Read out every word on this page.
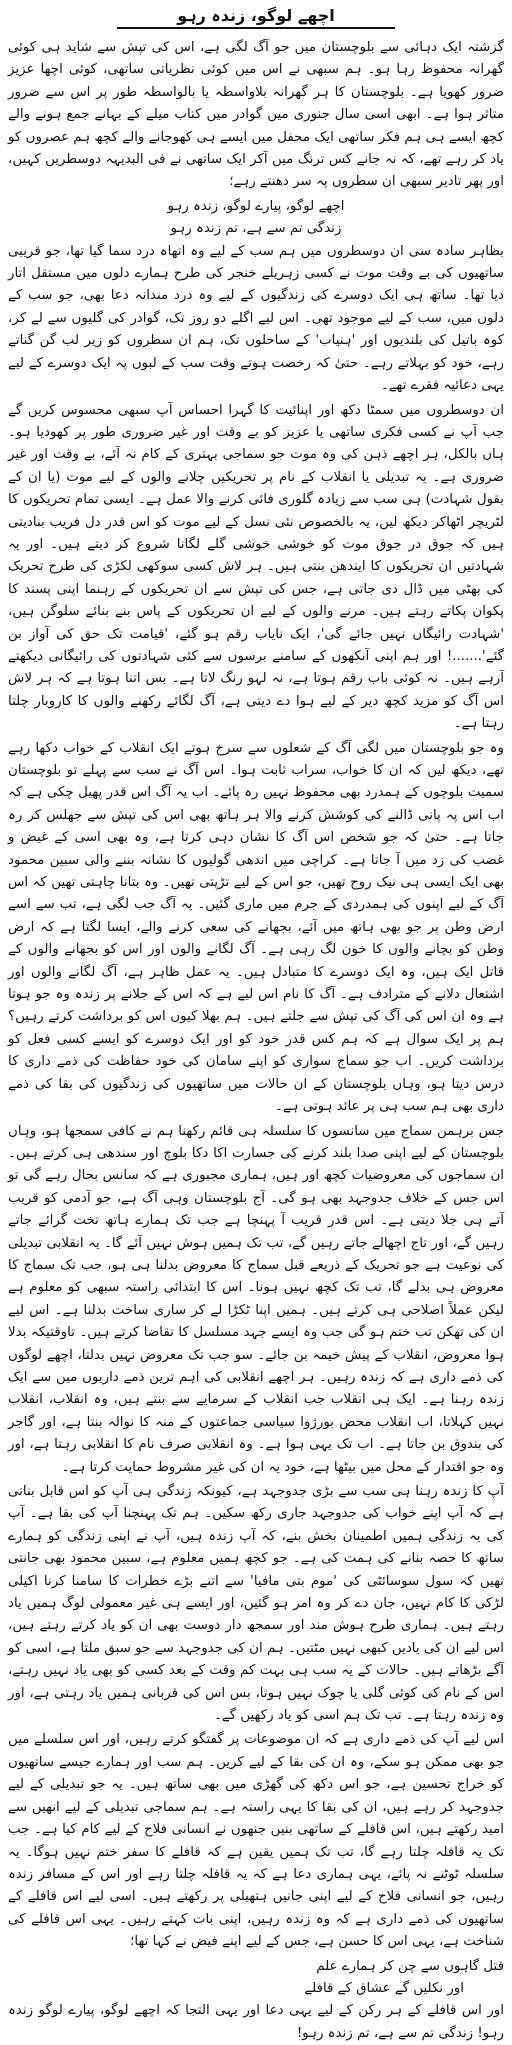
اچھے لوگو، زندہ رہو

گزشتہ ایک دہائی سے بلوچستان میں جو آگ لگی ہے، اس کی تپش سے شاید ہی کوئی گھرانہ محفوظ رہا ہو۔ ہم سبھی نے اس میں کوئی نظریاتی ساتھی، کوئی اچھا عزیز ضرور کھویا ہے۔ بلوچستان کا ہر گھرانہ بلاواسطہ یا بالواسطہ طور پر اس سے ضرور متاثر ہوا ہے۔ ابھی اسی سال جنوری میں گوادر میں کتاب میلے کے بہانے جمع ہونے والے کچھ ایسے ہی ہم فکر ساتھی ایک محفل میں ایسے ہی کھوجانے والے کچھ ہم عصروں کو یاد کر رہے تھے، کہ نہ جانے کس ترنگ میں آکر ایک ساتھی نے فی البدیہہ دوسطریں کہیں، اور پھر تادیر سبھی ان سطروں پہ سر دھنتے رہے؛

اچھے لوگو، پیارے لوگو، زندہ رہو

زندگی تم سے ہے، تم زندہ رہو

بظاہر سادہ سی ان دوسطروں میں ہم سب کے لیے وہ اتھاہ درد سما گیا تھا، جو قریبی ساتھیوں کی بے وقت موت نے کسی زہریلے خنجر کی طرح ہمارے دلوں میں مستقل اتار دیا تھا۔ ساتھ ہی ایک دوسرے کی زندگیوں کے لیے وہ درد مندانہ دعا بھی، جو سب کے دلوں میں، سب کے لیے موجود تھی۔ اس لیے اگلے دو روز تک، گوادر کی گلیوں سے لے کر، کوہ باتیل کی بلندیوں اور 'ہنیاب' کے ساحلوں تک، ہم ان سطروں کو زیر لب گن گناتے رہے، خود کو بہلاتے رہے۔ حتیٰ کہ رخصت ہوتے وقت سب کے لبوں پہ ایک دوسرے کے لیے یہی دعائیہ فقرے تھے۔

ان دوسطروں میں سمٹا دکھ اور اپنائیت کا گہرا احساس آپ سبھی محسوس کریں گے جب آپ نے کسی فکری ساتھی یا عزیز کو بے وقت اور غیر ضروری طور پر کھودیا ہو۔ ہاں بالکل، ہر اچھے ذہن کی وہ موت جو سماجی بہتری کے کام نہ آئے، بے وقت اور غیر ضروری ہے۔ یہ تبدیلی یا انقلاب کے نام پر تحریکیں چلانے والوں کے لیے موت (یا ان کے بقول شہادت) ہی سب سے زیادہ گلوری فائی کرنے والا عمل ہے۔ ایسی تمام تحریکوں کا لٹریچر اٹھاکر دیکھ لیں، یہ بالخصوص نئی نسل کے لیے موت کو اس قدر دل فریب بنادیتی ہیں کہ جوق در جوق موت کو خوشی خوشی گلے لگانا شروع کر دیتے ہیں۔ اور یہ شہادتیں ان تحریکوں کا ایندھن بنتی ہیں۔ ہر لاش کسی سوکھی لکڑی کی طرح تحریک کی بھٹی میں ڈال دی جاتی ہے، جس کی تپش سے ان تحریکوں کے رہنما اپنی پسند کا پکوان پکاتے رہتے ہیں۔ مرنے والوں کے لیے ان تحریکوں کے پاس بنے بنائے سلوگن ہیں، 'شہادت رائیگاں نہیں جائے گی'، ایک نایاب رقم ہو گئے، 'قیامت تک حق کی آواز بن گئے'.......! اور ہم اپنی آنکھوں کے سامنے برسوں سے کئی شہادتوں کی رائیگانی دیکھتے آرہے ہیں۔ نہ کوئی باب رقم ہوتا ہے، نہ لہو رنگ لاتا ہے۔ بس اتنا ہوتا ہے کہ ہر لاش اس آگ کو مزید کچھ دیر کے لیے ہوا دے دیتی ہے، آگ لگائے رکھنے والوں کا کاروبار چلتا رہتا ہے۔

وہ جو بلوچستان میں لگی آگ کے شعلوں سے سرخ ہوتے ایک انقلاب کے خواب دکھا رہے تھے، دیکھ لیں کہ ان کا خواب، سراب ثابت ہوا۔ اس آگ نے سب سے پہلے تو بلوچستان سمیت بلوچوں کے ہمدرد بھی محفوظ نہیں رہ پائے۔ اب یہ آگ اس قدر پھیل چکی ہے کہ اب اس پہ پانی ڈالنے کی کوشش کرنے والا ہر ہاتھ بھی اس کی تپش سے جھلس کر رہ جاتا ہے۔ حتیٰ کہ جو شخص اس آگ کا نشان دہی کرتا ہے، وہ بھی اسی کے غیض و غضب کی زد میں آ جاتا ہے۔ کراچی میں اندھی گولیوں کا نشانہ بننے والی سبین محمود بھی ایک ایسی ہی نیک روح تھیں، جو اس کے لیے تڑپتی تھیں۔ وہ بتانا چاہتی تھیں کہ اس آگ کے لیے اپنوں کی ہمدردی کے جرم میں ماری گئیں۔ یہ آگ جب لگی ہے، تب سے اسے ارض وطن پر جو بھی ہاتھ میں آئے، بجھانے کی سعی کرنے والے، ایسا لگتا ہے کہ ارض وطن کو بچانے والوں کا خون لگ رہی ہے۔ آگ لگانے والوں اور اس کو بجھانے والوں کے قاتل ایک ہیں، وہ ایک دوسرے کا متبادل ہیں۔ یہ عمل ظاہر ہے، آگ لگانے والوں اور اشتعال دلانے کے مترادف ہے۔ آگ کا نام اس لیے ہے کہ اس کے جلانے پر زندہ وہ جو ہوتا ہے وہ ان اس کی آگ کی تپش سے جلتے ہیں۔ ہم بھلا کیوں اس کو برداشت کرتے رہیں؟ ہم پر ایک سوال ہے کہ ہم کس قدر خود کو اور ایک دوسرے کو ایسے کسی فعل کو برداشت کریں۔ اب جو سماج سواری کو اپنے سامان کی خود حفاظت کی ذمے داری کا درس دیتا ہو، وہاں بلوچستان کے ان حالات میں ساتھیوں کی زندگیوں کی بقا کی ذمے داری بھی ہم سب ہی پر عائد ہوتی ہے۔

جس برہمن سماج میں سانسوں کا سلسلہ ہی قائم رکھنا ہم نے کافی سمجھا ہو، وہاں بلوچستان کے لیے اپنی صدا بلند کرنے کی جسارت اکا دکا بلوچ اور سندھی ہی کرتے ہیں۔ ان سماجوں کی معروضیات کچھ اور ہیں، ہماری مجبوری ہے کہ سانس بحال رہے گی تو اس جس کے خلاف جدوجہد بھی ہو گی۔ آج بلوچستان وہی آگ ہے، جو آدمی کو قریب آتے ہی جلا دیتی ہے۔ اس قدر قریب آ پہنچا ہے جب تک ہمارے ہاتھ تخت گرائے جاتے رہیں گے، اور تاج اچھالے جاتے رہیں گے، تب تک ہمیں ہوش نہیں آئے گا۔ یہ انقلابی تبدیلی کی نوعیت ہے جو تحریک کے ذریعے قبل سماج کا معروض بدلنا ہی ہو، جب تک سماج کا معروض ہی بدلے گا، تب تک کچھ نہیں ہونا۔ اس کا ابتدائی راستہ سبھی کو معلوم ہے لیکن عملاً اصلاحی ہی کرتے ہیں۔ ہمیں اپنا ٹکڑا لے کر ساری ساخت بدلنا ہے۔ اس لیے ان کی تھکن تب ختم ہو گی جب وہ ایسے جہد مسلسل کا تقاضا کرتے ہیں۔ تاوقتیکہ بدلا ہوا معروض، انقلاب کے پیش خیمہ بن جائے۔ سو جب تک معروض نہیں بدلتا، اچھے لوگوں کی ذمے داری ہے کہ زندہ رہیں۔ ہر اچھے انقلابی کی اہم ترین ذمے داریوں میں سے ایک زندہ رہنا ہے۔ ایک ہی انقلاب جب انقلاب کے سرمایے سے بنتے ہیں، وہ انقلاب، انقلاب نہیں کہلاتا، اب انقلاب محض بورژوا سیاسی جماعتوں کے منہ کا نوالہ بنتا ہے، اور گاجر کی بندوق بن جاتا ہے۔ اب تک یہی ہوا ہے۔ وہ انقلابی صرف نام کا انقلابی رہتا ہے، اور وہ جو اقتدار کے محل میں بیٹھا ہے، خود یہ ان کی غیر مشروط حمایت کرتا ہے۔

آپ کا زندہ رہنا ہی سب سے بڑی جدوجہد ہے، کیونکہ زندگی ہی آپ کو اس قابل بناتی ہے کہ آپ اپنے خواب کی جدوجہد جاری رکھ سکیں۔ ہم تک پہنچنا آپ کی بقا ہے۔ آپ کی یہ زندگی ہمیں اطمینان بخش بنے، کہ آپ زندہ ہیں، آپ نے اپنی زندگی کو ہمارے ساتھ کا حصہ بنانے کی ہمت کی ہے۔ جو کچھ ہمیں معلوم ہے، سبین محمود بھی جانتی تھیں کہ سول سوسائٹی کی 'موم بتی مافیا' سے اتنے بڑے خطرات کا سامنا کرنا اکیلی لڑکی کا کام نہیں، جان دے کر وہ امر ہو گئیں، اور ایسے ہی غیر معمولی لوگ ہمیں یاد رہتے ہیں۔ ہماری طرح ہوش مند اور سمجھ دار دوست بھی ان کو یاد کرتے رہتے ہیں، اس لیے ان کی یادیں کبھی نہیں مٹتیں۔ ہم ان کی جدوجہد سے جو سبق ملتا ہے، اسی کو آگے بڑھاتے ہیں۔ حالات کے یہ سب ہی بہت کم وقت کے بعد کسی کو بھی یاد نہیں رہتے، اس کے نام کی کوئی گلی یا چوک نہیں ہوتا، بس اس کی قربانی ہمیں یاد رہتی ہے، اور وہ زندہ رہتا ہے۔ تب تک ہم اسی کو یاد رکھیں گے۔

اس لیے آپ کی ذمے داری ہے کہ ان موضوعات پر گفتگو کرتے رہیں، اور اس سلسلے میں جو بھی ممکن ہو سکے، وہ ان کی بقا کے لیے کریں۔ ہم سب اور ہمارے جیسے ساتھیوں کو خراج تحسین ہے، جو اس دکھ کی گھڑی میں بھی ساتھ ہیں۔ یہ جو تبدیلی کے لیے جدوجہد کر رہے ہیں، ان کی بقا کا یہی راستہ ہے۔ ہم سماجی تبدیلی کے لیے انھیں سے امید رکھتے ہیں، اس قافلے کے ساتھی بنیں جنھوں نے انسانی فلاح کے لیے کام کیا ہے۔ جب تک یہ قافلہ چلتا رہے گا، تب تک ہمیں یقین ہے کہ قافلے کا سفر ختم نہیں ہوگا۔ یہ سلسلہ ٹوٹنے نہ پائے، یہی ہماری دعا ہے کہ یہ قافلہ چلتا رہے اور اس کے مسافر زندہ رہیں، جو انسانی فلاح کے لیے اپنی جانیں ہتھیلی پر رکھتے ہیں۔ اسی لیے اس قافلے کے ساتھیوں کی ذمے داری ہے کہ وہ زندہ رہیں، اپنی بات کہتے رہیں۔ یہی اس قافلے کی شناخت ہے، یہی اس کا حسن ہے، جس کے لیے اپنے فیض نے کہا تھا؛

قتل گاہوں سے چن کر ہمارے علم

اور نکلیں گے عشاق کے قافلے

اور اس قافلے کے ہر رکن کے لیے یہی دعا اور یہی التجا کہ اچھے لوگو، پیارے لوگو زندہ رہو! زندگی تم سے ہے، تم زندہ رہو!
